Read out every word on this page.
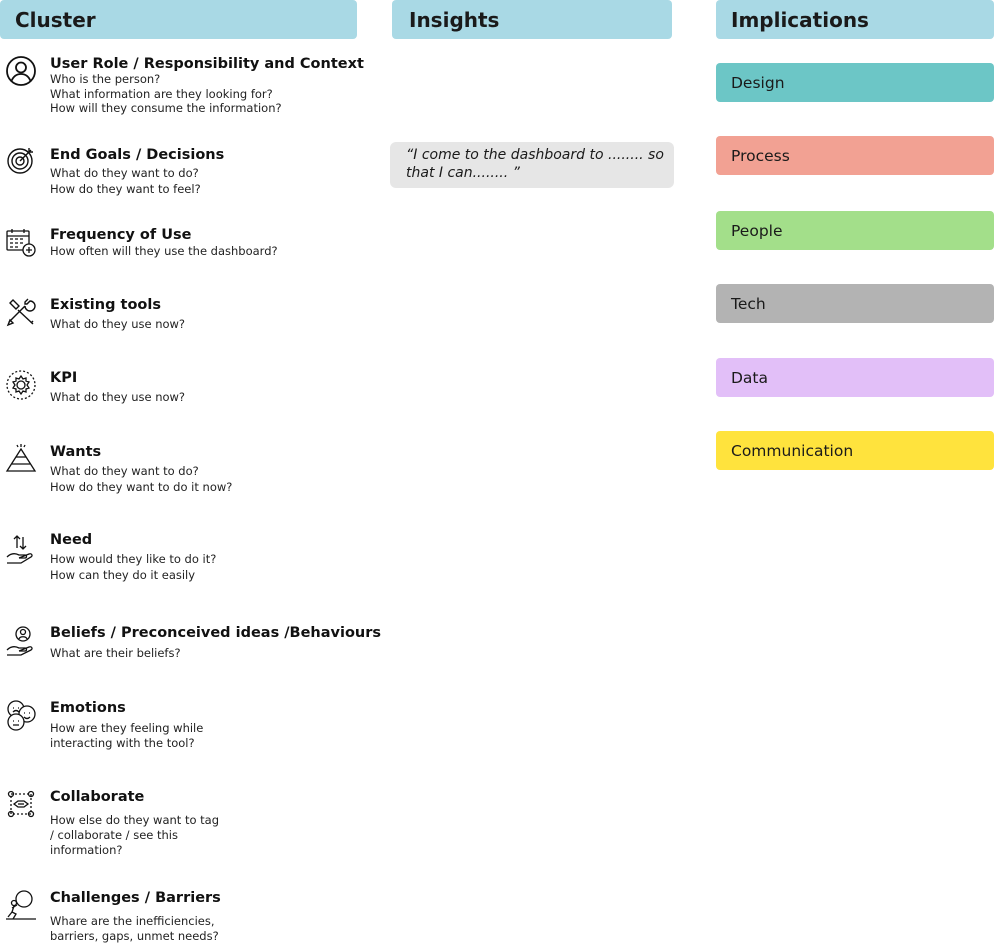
Cluster	Insights	Implications
User Role / Responsibility and Context
Who is the person?
What information are they looking for?
How will they consume the information?
End Goals / Decisions
What do they want to do?
How do they want to feel?
Frequency of Use
How often will they use the dashboard?
Existing tools
What do they use now?
KPI
What do they use now?
Wants
What do they want to do?
How do they want to do it now?
Need
How would they like to do it?
How can they do it easily
Beliefs / Preconceived ideas /Behaviours
What are their beliefs?
Emotions
How are they feeling while
interacting with the tool?
Collaborate
How else do they want to tag
/ collaborate / see this
information?
Challenges / Barriers
Whare are the inefficiencies,
barriers, gaps, unmet needs?
“I come to the dashboard to ........ so
that I can........ ”
Design
Process
People
Tech
Data
Communication
